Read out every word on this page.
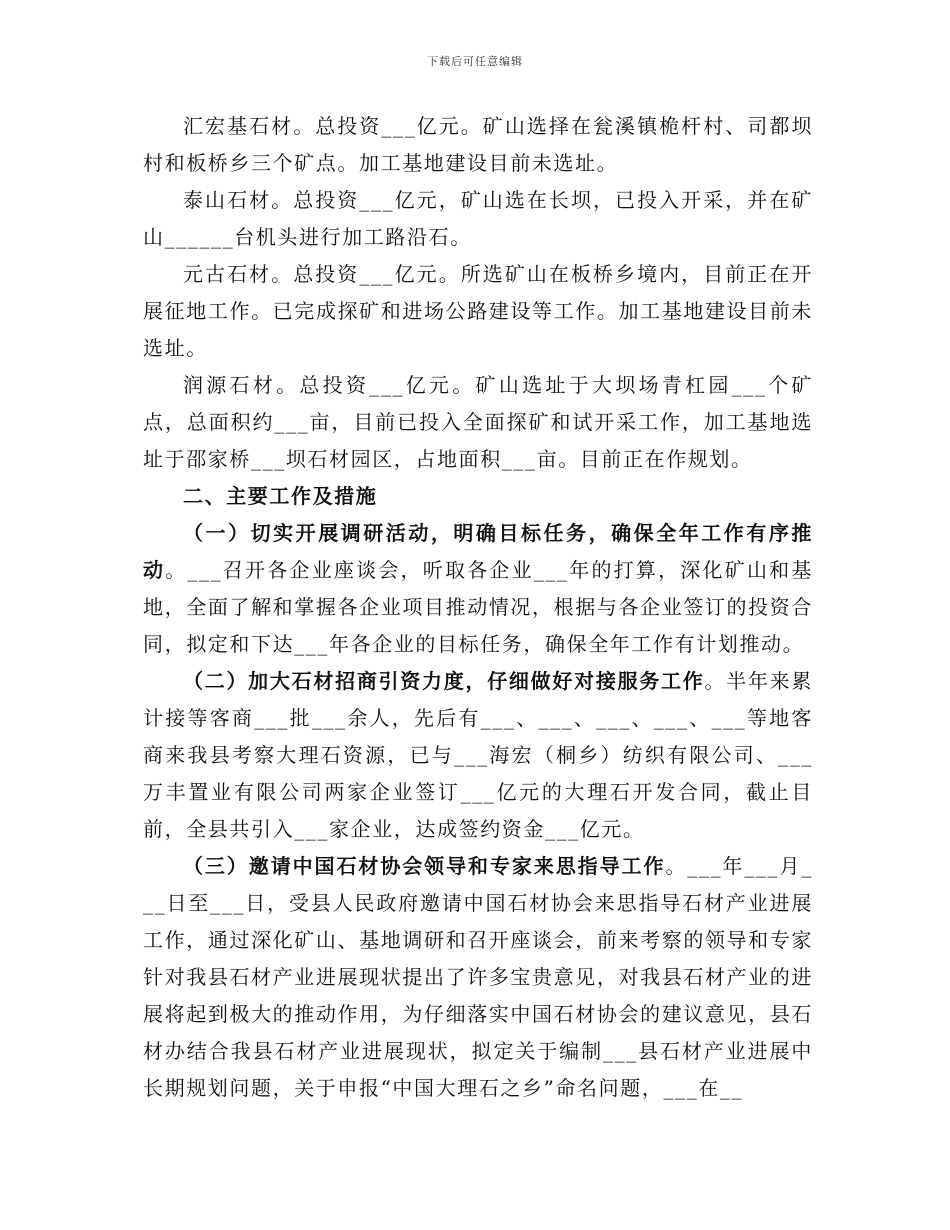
下载后可任意编辑

汇宏基石材。总投资___亿元。矿山选择在瓮溪镇桅杆村、司都坝村和板桥乡三个矿点。加工基地建设目前未选址。

泰山石材。总投资___亿元，矿山选在长坝，已投入开采，并在矿山______台机头进行加工路沿石。

元古石材。总投资___亿元。所选矿山在板桥乡境内，目前正在开展征地工作。已完成探矿和进场公路建设等工作。加工基地建设目前未选址。

润源石材。总投资___亿元。矿山选址于大坝场青杠园___个矿点，总面积约___亩，目前已投入全面探矿和试开采工作，加工基地选址于邵家桥___坝石材园区，占地面积___亩。目前正在作规划。

二、主要工作及措施

（一）切实开展调研活动，明确目标任务，确保全年工作有序推动。___召开各企业座谈会，听取各企业___年的打算，深化矿山和基地，全面了解和掌握各企业项目推动情况，根据与各企业签订的投资合同，拟定和下达___年各企业的目标任务，确保全年工作有计划推动。

（二）加大石材招商引资力度，仔细做好对接服务工作。半年来累计接等客商___批___余人，先后有___、___、___、___、___等地客商来我县考察大理石资源，已与___海宏（桐乡）纺织有限公司、___万丰置业有限公司两家企业签订___亿元的大理石开发合同，截止目前，全县共引入___家企业，达成签约资金___亿元。

（三）邀请中国石材协会领导和专家来思指导工作。___年___月___日至___日，受县人民政府邀请中国石材协会来思指导石材产业进展工作，通过深化矿山、基地调研和召开座谈会，前来考察的领导和专家针对我县石材产业进展现状提出了许多宝贵意见，对我县石材产业的进展将起到极大的推动作用，为仔细落实中国石材协会的建议意见，县石材办结合我县石材产业进展现状，拟定关于编制___县石材产业进展中长期规划问题，关于申报“中国大理石之乡”命名问题，___在__
